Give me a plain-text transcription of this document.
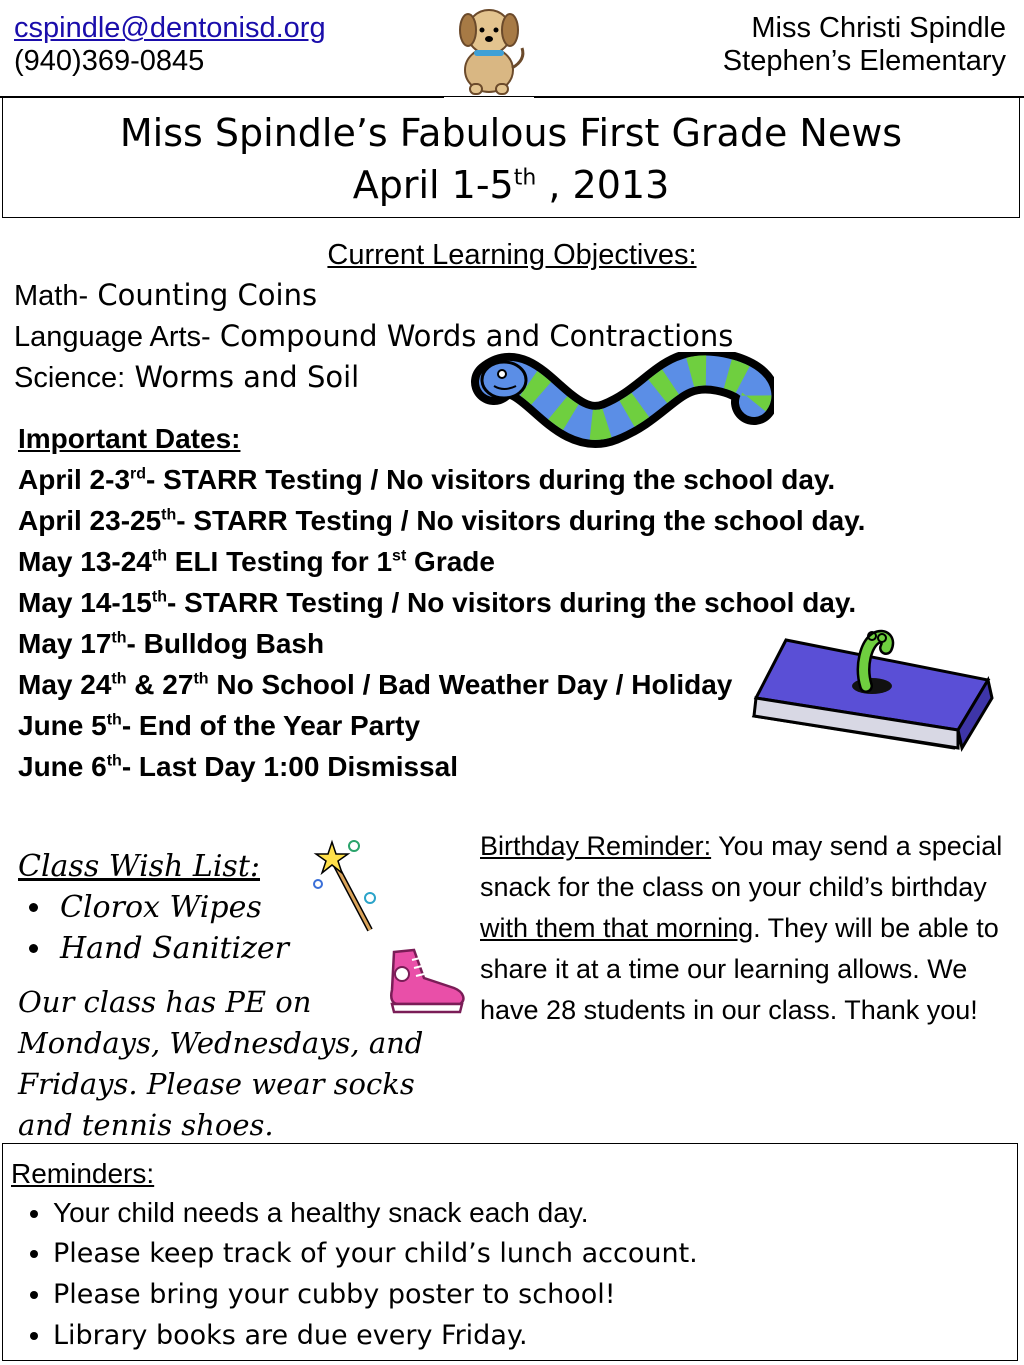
cspindle@dentonisd.org
(940)369-0845
Miss Christi Spindle
Stephen’s Elementary
Miss Spindle’s Fabulous First Grade News
April 1-5th , 2013
Current Learning Objectives:
Math- Counting Coins
Language Arts- Compound Words and Contractions
Science: Worms and Soil
Important Dates:
April 2-3rd- STARR Testing / No visitors during the school day.
April 23-25th- STARR Testing / No visitors during the school day.
May 13-24th ELI Testing for 1st Grade
May 14-15th- STARR Testing / No visitors during the school day.
May 17th- Bulldog Bash
May 24th & 27th No School / Bad Weather Day / Holiday
June 5th- End of the Year Party
June 6th- Last Day 1:00 Dismissal
Class Wish List:
• Clorox Wipes
• Hand Sanitizer
Our class has PE on Mondays, Wednesdays, and Fridays. Please wear socks and tennis shoes.
Birthday Reminder: You may send a special snack for the class on your child’s birthday with them that morning. They will be able to share it at a time our learning allows. We have 28 students in our class. Thank you!
Reminders:
• Your child needs a healthy snack each day.
• Please keep track of your child’s lunch account.
• Please bring your cubby poster to school!
• Library books are due every Friday.
